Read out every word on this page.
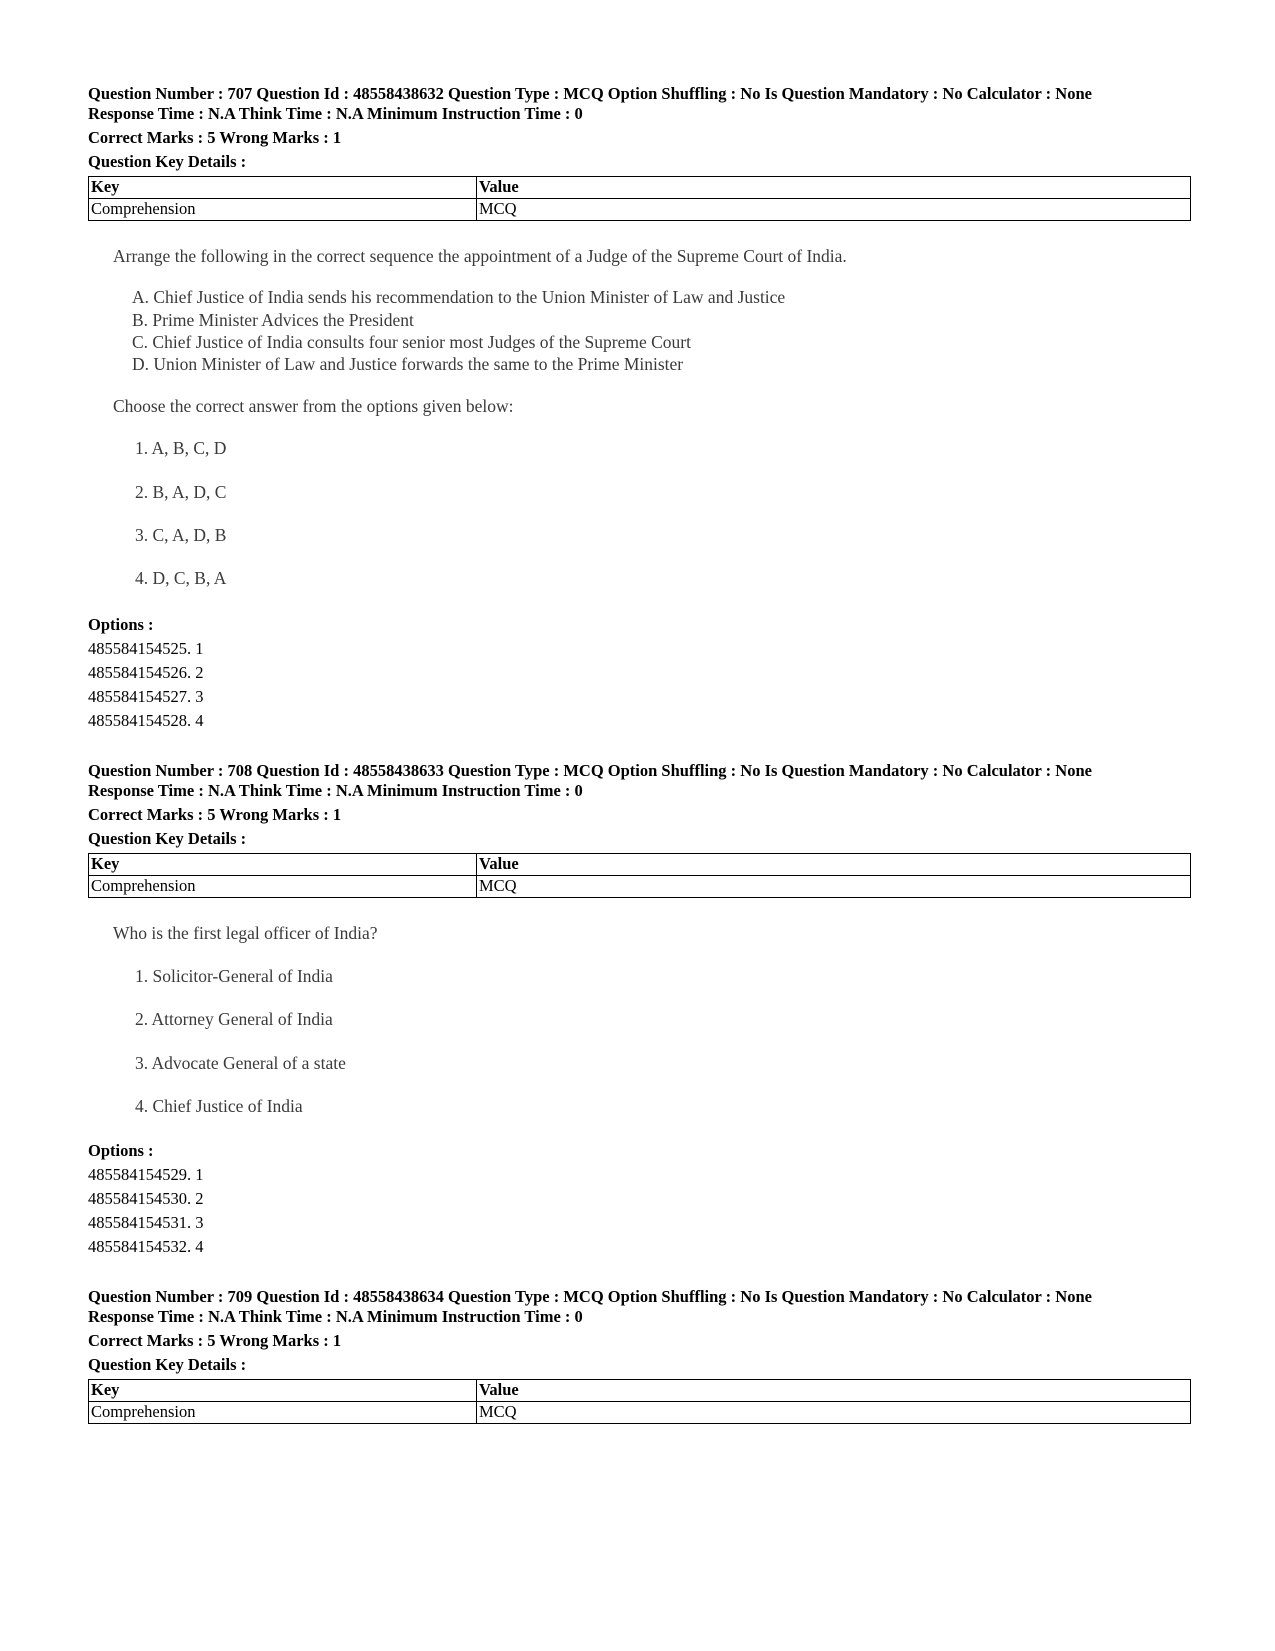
Question Number : 707 Question Id : 48558438632 Question Type : MCQ Option Shuffling : No Is Question Mandatory : No Calculator : None

Response Time : N.A Think Time : N.A Minimum Instruction Time : 0

Correct Marks : 5 Wrong Marks : 1

Question Key Details :

Key	Value
Comprehension	MCQ
Arrange the following in the correct sequence the appointment of a Judge of the Supreme Court of India.
A. Chief Justice of India sends his recommendation to the Union Minister of Law and Justice
B. Prime Minister Advices the President
C. Chief Justice of India consults four senior most Judges of the Supreme Court
D. Union Minister of Law and Justice forwards the same to the Prime Minister
Choose the correct answer from the options given below:
1. A, B, C, D
2. B, A, D, C
3. C, A, D, B
4. D, C, B, A
Options :
485584154525. 1
485584154526. 2
485584154527. 3
485584154528. 4

Question Number : 708 Question Id : 48558438633 Question Type : MCQ Option Shuffling : No Is Question Mandatory : No Calculator : None

Response Time : N.A Think Time : N.A Minimum Instruction Time : 0

Correct Marks : 5 Wrong Marks : 1

Question Key Details :

Key	Value
Comprehension	MCQ
Who is the first legal officer of India?
1. Solicitor-General of India
2. Attorney General of India
3. Advocate General of a state
4. Chief Justice of India
Options :
485584154529. 1
485584154530. 2
485584154531. 3
485584154532. 4

Question Number : 709 Question Id : 48558438634 Question Type : MCQ Option Shuffling : No Is Question Mandatory : No Calculator : None

Response Time : N.A Think Time : N.A Minimum Instruction Time : 0

Correct Marks : 5 Wrong Marks : 1

Question Key Details :

Key	Value
Comprehension	MCQ
